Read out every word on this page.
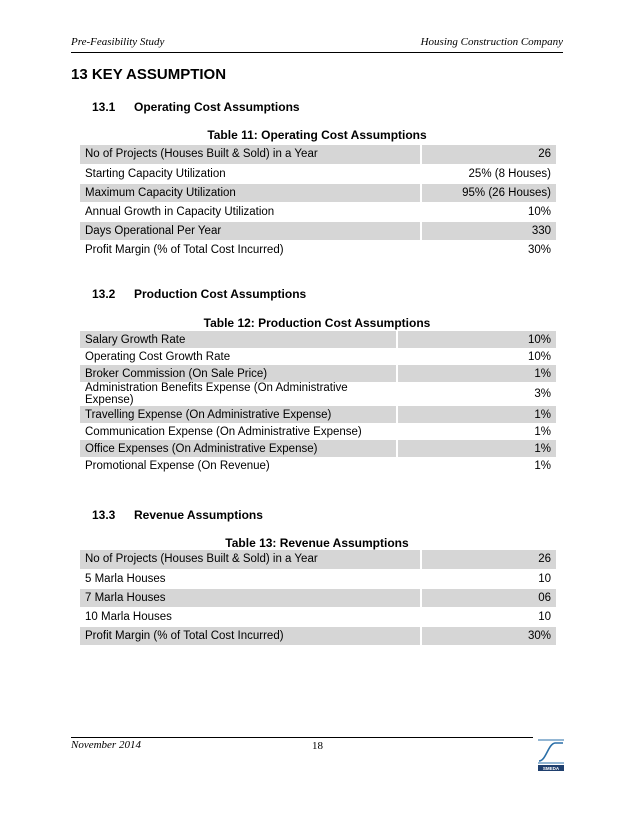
Pre-Feasibility Study	Housing Construction Company
13 KEY ASSUMPTION
13.1 Operating Cost Assumptions
Table 11: Operating Cost Assumptions
No of Projects (Houses Built & Sold) in a Year	26
Starting Capacity Utilization	25% (8 Houses)
Maximum Capacity Utilization	95% (26 Houses)
Annual Growth in Capacity Utilization	10%
Days Operational Per Year	330
Profit Margin (% of Total Cost Incurred)	30%
13.2 Production Cost Assumptions
Table 12: Production Cost Assumptions
Salary Growth Rate	10%
Operating Cost Growth Rate	10%
Broker Commission (On Sale Price)	1%
Administration Benefits Expense (On Administrative Expense)	3%
Travelling Expense (On Administrative Expense)	1%
Communication Expense (On Administrative Expense)	1%
Office Expenses (On Administrative Expense)	1%
Promotional Expense (On Revenue)	1%
13.3 Revenue Assumptions
Table 13: Revenue Assumptions
No of Projects (Houses Built & Sold) in a Year	26
5 Marla Houses	10
7 Marla Houses	06
10 Marla Houses	10
Profit Margin (% of Total Cost Incurred)	30%
November 2014	18
SMEDA
